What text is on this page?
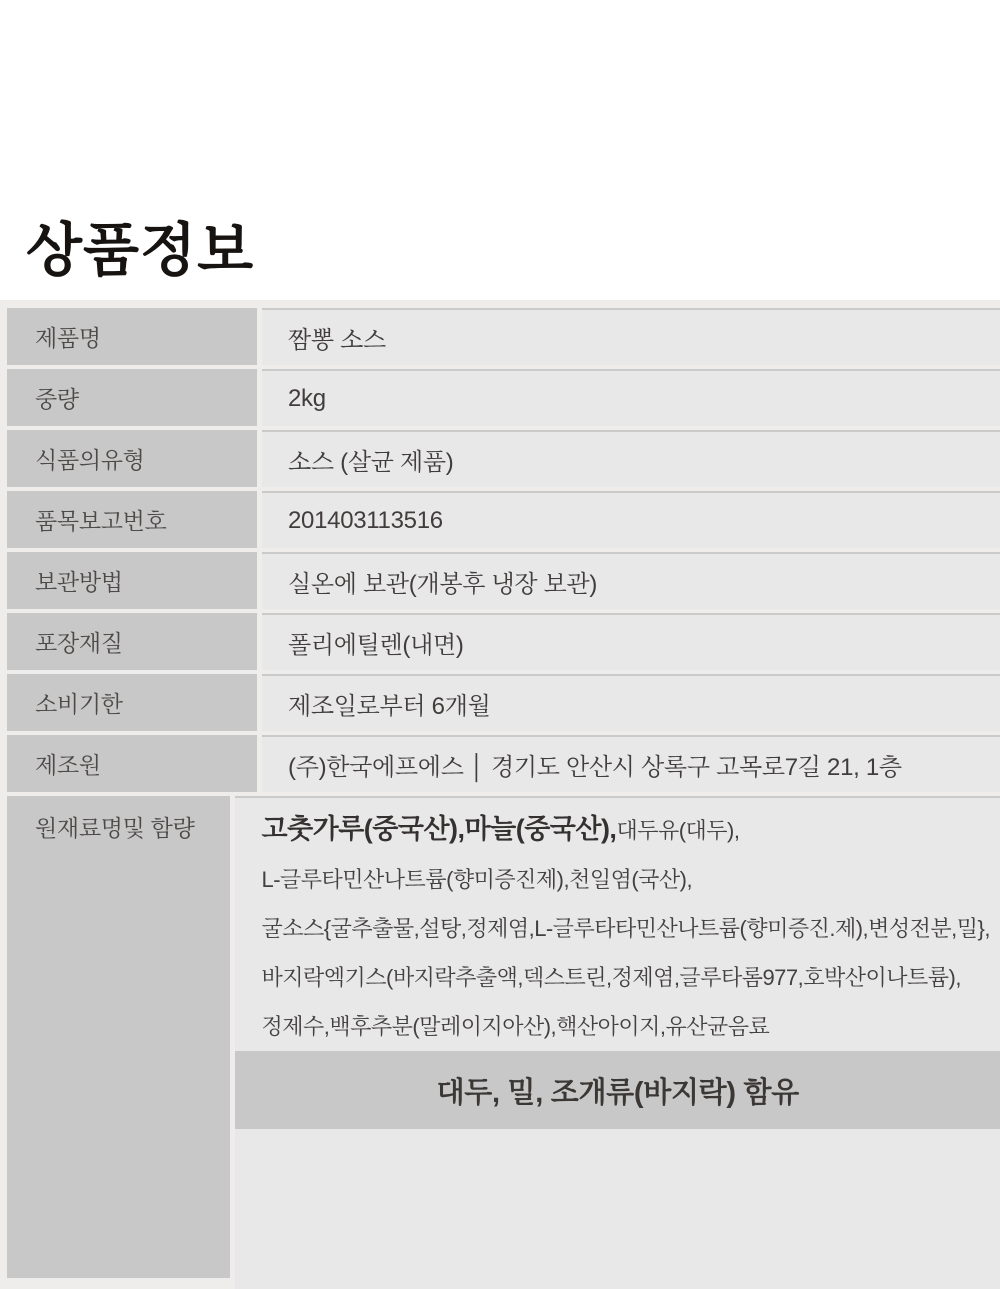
상품정보
제품명	짬뽕 소스
중량	2kg
식품의유형	소스 (살균 제품)
품목보고번호	201403113516
보관방법	실온에 보관(개봉후 냉장 보관)
포장재질	폴리에틸렌(내면)
소비기한	제조일로부터 6개월
제조원	(주)한국에프에스 │ 경기도 안산시 상록구 고목로7길 21, 1층
원재료명및 함량	고춧가루(중국산),마늘(중국산),대두유(대두),
L-글루타민산나트륨(향미증진제),천일염(국산),
굴소스{굴추출물,설탕,정제염,L-글루타타민산나트륨(향미증진.제),변성전분,밀},
바지락엑기스(바지락추출액,덱스트린,정제염,글루타롬977,호박산이나트륨),
정제수,백후추분(말레이지아산),핵산아이지,유산균음료
대두, 밀, 조개류(바지락) 함유
